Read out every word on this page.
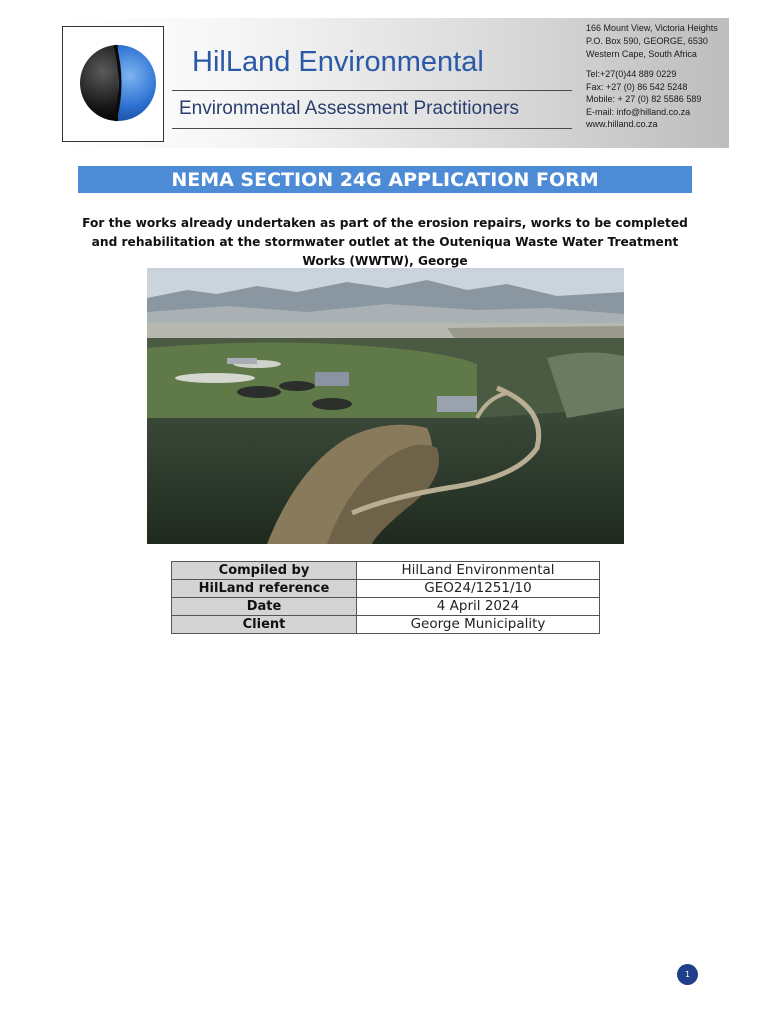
HilLand Environmental
Environmental Assessment Practitioners
166 Mount View, Victoria Heights
P.O. Box 590, GEORGE, 6530
Western Cape, South Africa
Tel:+27(0)44 889 0229
Fax: +27 (0) 86 542 5248
Mobile: + 27 (0) 82 5586 589
E-mail: info@hilland.co.za
www.hilland.co.za
NEMA SECTION 24G APPLICATION FORM
For the works already undertaken as part of the erosion repairs, works to be completed
and rehabilitation at the stormwater outlet at the Outeniqua Waste Water Treatment
Works (WWTW), George
Compiled by	HilLand Environmental
HilLand reference	GEO24/1251/10
Date	4 April 2024
Client	George Municipality
1
